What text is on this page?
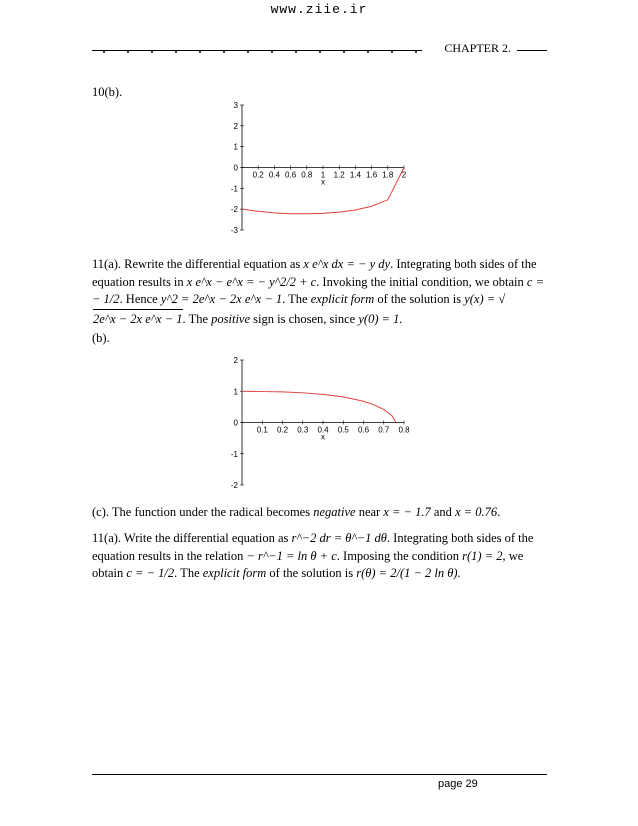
www.ziie.ir
CHAPTER 2.
10(b).
0.2 0.4 0.6 0.8 1 1.2 1.4 1.6 1.8 2
x
3
2
1
0
-1
-2
-3
11(a). Rewrite the differential equation as x e^x dx = − y dy. Integrating both sides of the equation results in x e^x − e^x = − y^2/2 + c. Invoking the initial condition, we obtain c = − 1/2. Hence y^2 = 2e^x − 2x e^x − 1. The explicit form of the solution is y(x) = √2e^x − 2x e^x − 1. The positive sign is chosen, since y(0) = 1.
(b).
0.1 0.2 0.3 0.4 0.5 0.6 0.7 0.8
x
2
1
0
-1
-2
(c). The function under the radical becomes negative near x = − 1.7 and x = 0.76.
11(a). Write the differential equation as r^−2 dr = θ^−1 dθ. Integrating both sides of the equation results in the relation − r^−1 = ln θ + c. Imposing the condition r(1) = 2, we obtain c = − 1/2. The explicit form of the solution is r(θ) = 2/(1 − 2 ln θ).
page 29
